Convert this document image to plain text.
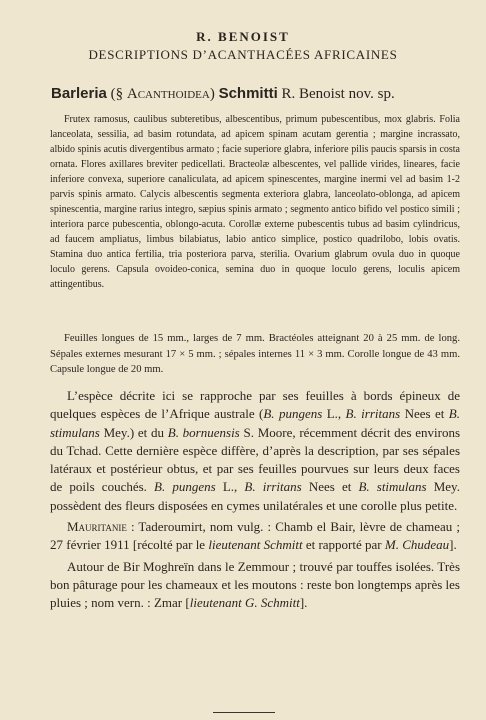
R. BENOIST
DESCRIPTIONS D’ACANTHACÉES AFRICAINES
Barleria (§ Acanthoidea) Schmitti R. Benoist nov. sp.

Frutex ramosus, caulibus subteretibus, albescentibus, primum pubescentibus, mox glabris. Folia lanceolata, sessilia, ad basim rotundata, ad apicem spinam acutam gerentia ; margine incrassato, albido spinis acutis divergentibus armato ; facie superiore glabra, inferiore pilis paucis sparsis in costa ornata. Flores axillares breviter pedicellati. Bracteolæ albescentes, vel pallide virides, lineares, facie inferiore convexa, superiore canaliculata, ad apicem spinescentes, margine inermi vel ad basim 1-2 parvis spinis armato. Calycis albescentis segmenta exteriora glabra, lanceolato-oblonga, ad apicem spinescentia, margine rarius integro, sæpius spinis armato ; segmento antico bifido vel postico simili ; interiora parce pubescentia, oblongo-acuta. Corollæ externe pubescentis tubus ad basim cylindricus, ad faucem ampliatus, limbus bilabiatus, labio antico simplice, postico quadrilobo, lobis ovatis. Stamina duo antica fertilia, tria posteriora parva, sterilia. Ovarium glabrum ovula duo in quoque loculo gerens. Capsula ovoideo-conica, semina duo in quoque loculo gerens, loculis apicem attingentibus.

Feuilles longues de 15 mm., larges de 7 mm. Bractéoles atteignant 20 à 25 mm. de long. Sépales externes mesurant 17 × 5 mm. ; sépales internes 11 × 3 mm. Corolle longue de 43 mm. Capsule longue de 20 mm.

L’espèce décrite ici se rapproche par ses feuilles à bords épineux de quelques espèces de l’Afrique australe (B. pungens L., B. irritans Nees et B. stimulans Mey.) et du B. bornuensis S. Moore, récemment décrit des environs du Tchad. Cette dernière espèce diffère, d’après la description, par ses sépales latéraux et postérieur obtus, et par ses feuilles pourvues sur leurs deux faces de poils couchés. B. pungens L., B. irritans Nees et B. stimulans Mey. possèdent des fleurs disposées en cymes unilatérales et une corolle plus petite.

Mauritanie : Taderoumirt, nom vulg. : Chamb el Bair, lèvre de chameau ; 27 février 1911 [récolté par le lieutenant Schmitt et rapporté par M. Chudeau].

Autour de Bir Moghreïn dans le Zemmour ; trouvé par touffes isolées. Très bon pâturage pour les chameaux et les moutons : reste bon longtemps après les pluies ; nom vern. : Zmar [lieutenant G. Schmitt].
